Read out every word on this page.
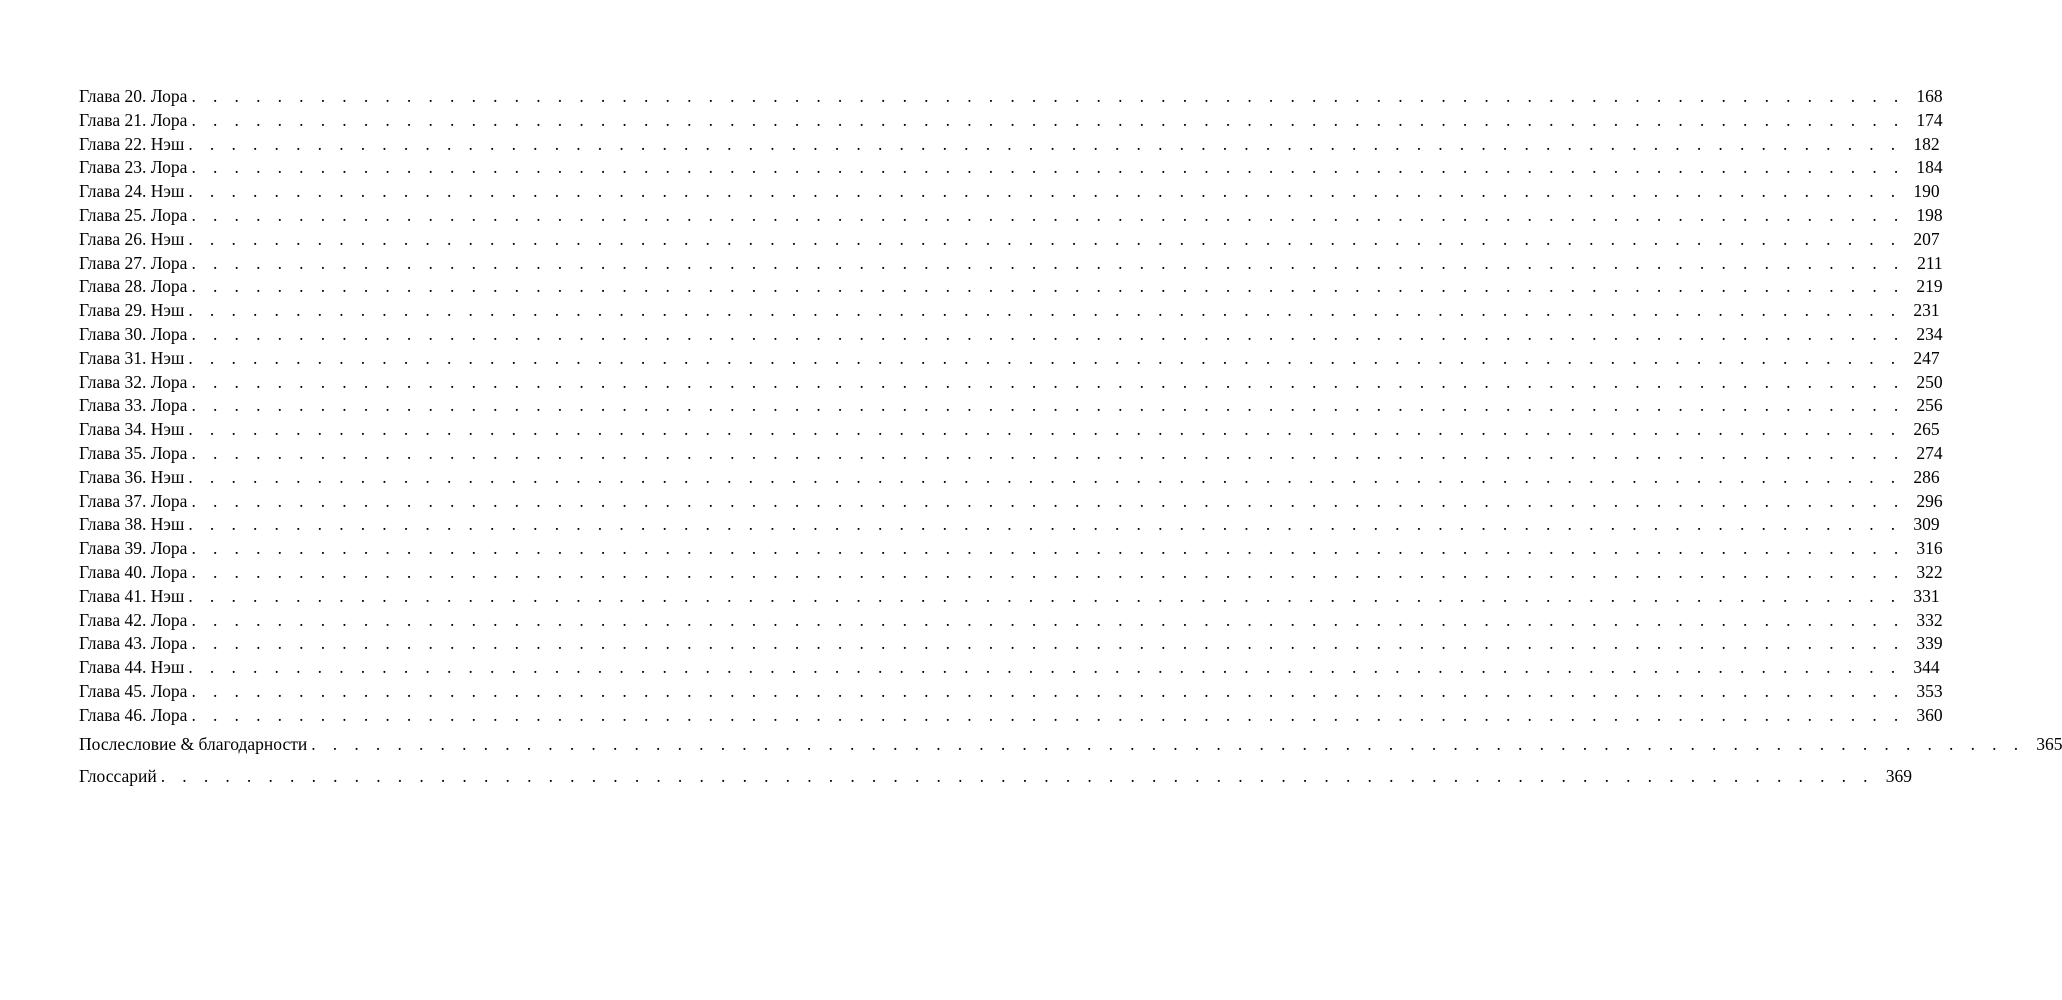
Глава 20. Лора . . . . . . . . . . . . . . . . . . . . . . . . . . . . . . . . . . . . . . . . . . . . . . . . . . . . . . . . . . . . . . . . . . . . . . . . . . . . . . . . 168
Глава 21. Лора . . . . . . . . . . . . . . . . . . . . . . . . . . . . . . . . . . . . . . . . . . . . . . . . . . . . . . . . . . . . . . . . . . . . . . . . . . . . . . . . 174
Глава 22. Нэш . . . . . . . . . . . . . . . . . . . . . . . . . . . . . . . . . . . . . . . . . . . . . . . . . . . . . . . . . . . . . . . . . . . . . . . . . . . . . . . . 182
Глава 23. Лора . . . . . . . . . . . . . . . . . . . . . . . . . . . . . . . . . . . . . . . . . . . . . . . . . . . . . . . . . . . . . . . . . . . . . . . . . . . . . . . . 184
Глава 24. Нэш . . . . . . . . . . . . . . . . . . . . . . . . . . . . . . . . . . . . . . . . . . . . . . . . . . . . . . . . . . . . . . . . . . . . . . . . . . . . . . . . 190
Глава 25. Лора . . . . . . . . . . . . . . . . . . . . . . . . . . . . . . . . . . . . . . . . . . . . . . . . . . . . . . . . . . . . . . . . . . . . . . . . . . . . . . . . 198
Глава 26. Нэш . . . . . . . . . . . . . . . . . . . . . . . . . . . . . . . . . . . . . . . . . . . . . . . . . . . . . . . . . . . . . . . . . . . . . . . . . . . . . . . . 207
Глава 27. Лора . . . . . . . . . . . . . . . . . . . . . . . . . . . . . . . . . . . . . . . . . . . . . . . . . . . . . . . . . . . . . . . . . . . . . . . . . . . . . . . . 211
Глава 28. Лора . . . . . . . . . . . . . . . . . . . . . . . . . . . . . . . . . . . . . . . . . . . . . . . . . . . . . . . . . . . . . . . . . . . . . . . . . . . . . . . . 219
Глава 29. Нэш . . . . . . . . . . . . . . . . . . . . . . . . . . . . . . . . . . . . . . . . . . . . . . . . . . . . . . . . . . . . . . . . . . . . . . . . . . . . . . . . 231
Глава 30. Лора . . . . . . . . . . . . . . . . . . . . . . . . . . . . . . . . . . . . . . . . . . . . . . . . . . . . . . . . . . . . . . . . . . . . . . . . . . . . . . . . 234
Глава 31. Нэш . . . . . . . . . . . . . . . . . . . . . . . . . . . . . . . . . . . . . . . . . . . . . . . . . . . . . . . . . . . . . . . . . . . . . . . . . . . . . . . . 247
Глава 32. Лора . . . . . . . . . . . . . . . . . . . . . . . . . . . . . . . . . . . . . . . . . . . . . . . . . . . . . . . . . . . . . . . . . . . . . . . . . . . . . . . . 250
Глава 33. Лора . . . . . . . . . . . . . . . . . . . . . . . . . . . . . . . . . . . . . . . . . . . . . . . . . . . . . . . . . . . . . . . . . . . . . . . . . . . . . . . . 256
Глава 34. Нэш . . . . . . . . . . . . . . . . . . . . . . . . . . . . . . . . . . . . . . . . . . . . . . . . . . . . . . . . . . . . . . . . . . . . . . . . . . . . . . . . 265
Глава 35. Лора . . . . . . . . . . . . . . . . . . . . . . . . . . . . . . . . . . . . . . . . . . . . . . . . . . . . . . . . . . . . . . . . . . . . . . . . . . . . . . . . 274
Глава 36. Нэш . . . . . . . . . . . . . . . . . . . . . . . . . . . . . . . . . . . . . . . . . . . . . . . . . . . . . . . . . . . . . . . . . . . . . . . . . . . . . . . . 286
Глава 37. Лора . . . . . . . . . . . . . . . . . . . . . . . . . . . . . . . . . . . . . . . . . . . . . . . . . . . . . . . . . . . . . . . . . . . . . . . . . . . . . . . . 296
Глава 38. Нэш . . . . . . . . . . . . . . . . . . . . . . . . . . . . . . . . . . . . . . . . . . . . . . . . . . . . . . . . . . . . . . . . . . . . . . . . . . . . . . . . 309
Глава 39. Лора . . . . . . . . . . . . . . . . . . . . . . . . . . . . . . . . . . . . . . . . . . . . . . . . . . . . . . . . . . . . . . . . . . . . . . . . . . . . . . . . 316
Глава 40. Лора . . . . . . . . . . . . . . . . . . . . . . . . . . . . . . . . . . . . . . . . . . . . . . . . . . . . . . . . . . . . . . . . . . . . . . . . . . . . . . . . 322
Глава 41. Нэш . . . . . . . . . . . . . . . . . . . . . . . . . . . . . . . . . . . . . . . . . . . . . . . . . . . . . . . . . . . . . . . . . . . . . . . . . . . . . . . . 331
Глава 42. Лора . . . . . . . . . . . . . . . . . . . . . . . . . . . . . . . . . . . . . . . . . . . . . . . . . . . . . . . . . . . . . . . . . . . . . . . . . . . . . . . . 332
Глава 43. Лора . . . . . . . . . . . . . . . . . . . . . . . . . . . . . . . . . . . . . . . . . . . . . . . . . . . . . . . . . . . . . . . . . . . . . . . . . . . . . . . . 339
Глава 44. Нэш . . . . . . . . . . . . . . . . . . . . . . . . . . . . . . . . . . . . . . . . . . . . . . . . . . . . . . . . . . . . . . . . . . . . . . . . . . . . . . . . 344
Глава 45. Лора . . . . . . . . . . . . . . . . . . . . . . . . . . . . . . . . . . . . . . . . . . . . . . . . . . . . . . . . . . . . . . . . . . . . . . . . . . . . . . . . 353
Глава 46. Лора . . . . . . . . . . . . . . . . . . . . . . . . . . . . . . . . . . . . . . . . . . . . . . . . . . . . . . . . . . . . . . . . . . . . . . . . . . . . . . . . 360
Послесловие & благодарности . . . . . . . . . . . . . . . . . . . . . . . . . . . . . . . . . . . . . . . . . . . . . . . . . . . . . . . . . . . . . . . . . . . . . . . . . . . . . . . . 365
Глоссарий . . . . . . . . . . . . . . . . . . . . . . . . . . . . . . . . . . . . . . . . . . . . . . . . . . . . . . . . . . . . . . . . . . . . . . . . . . . . . . . . 369
